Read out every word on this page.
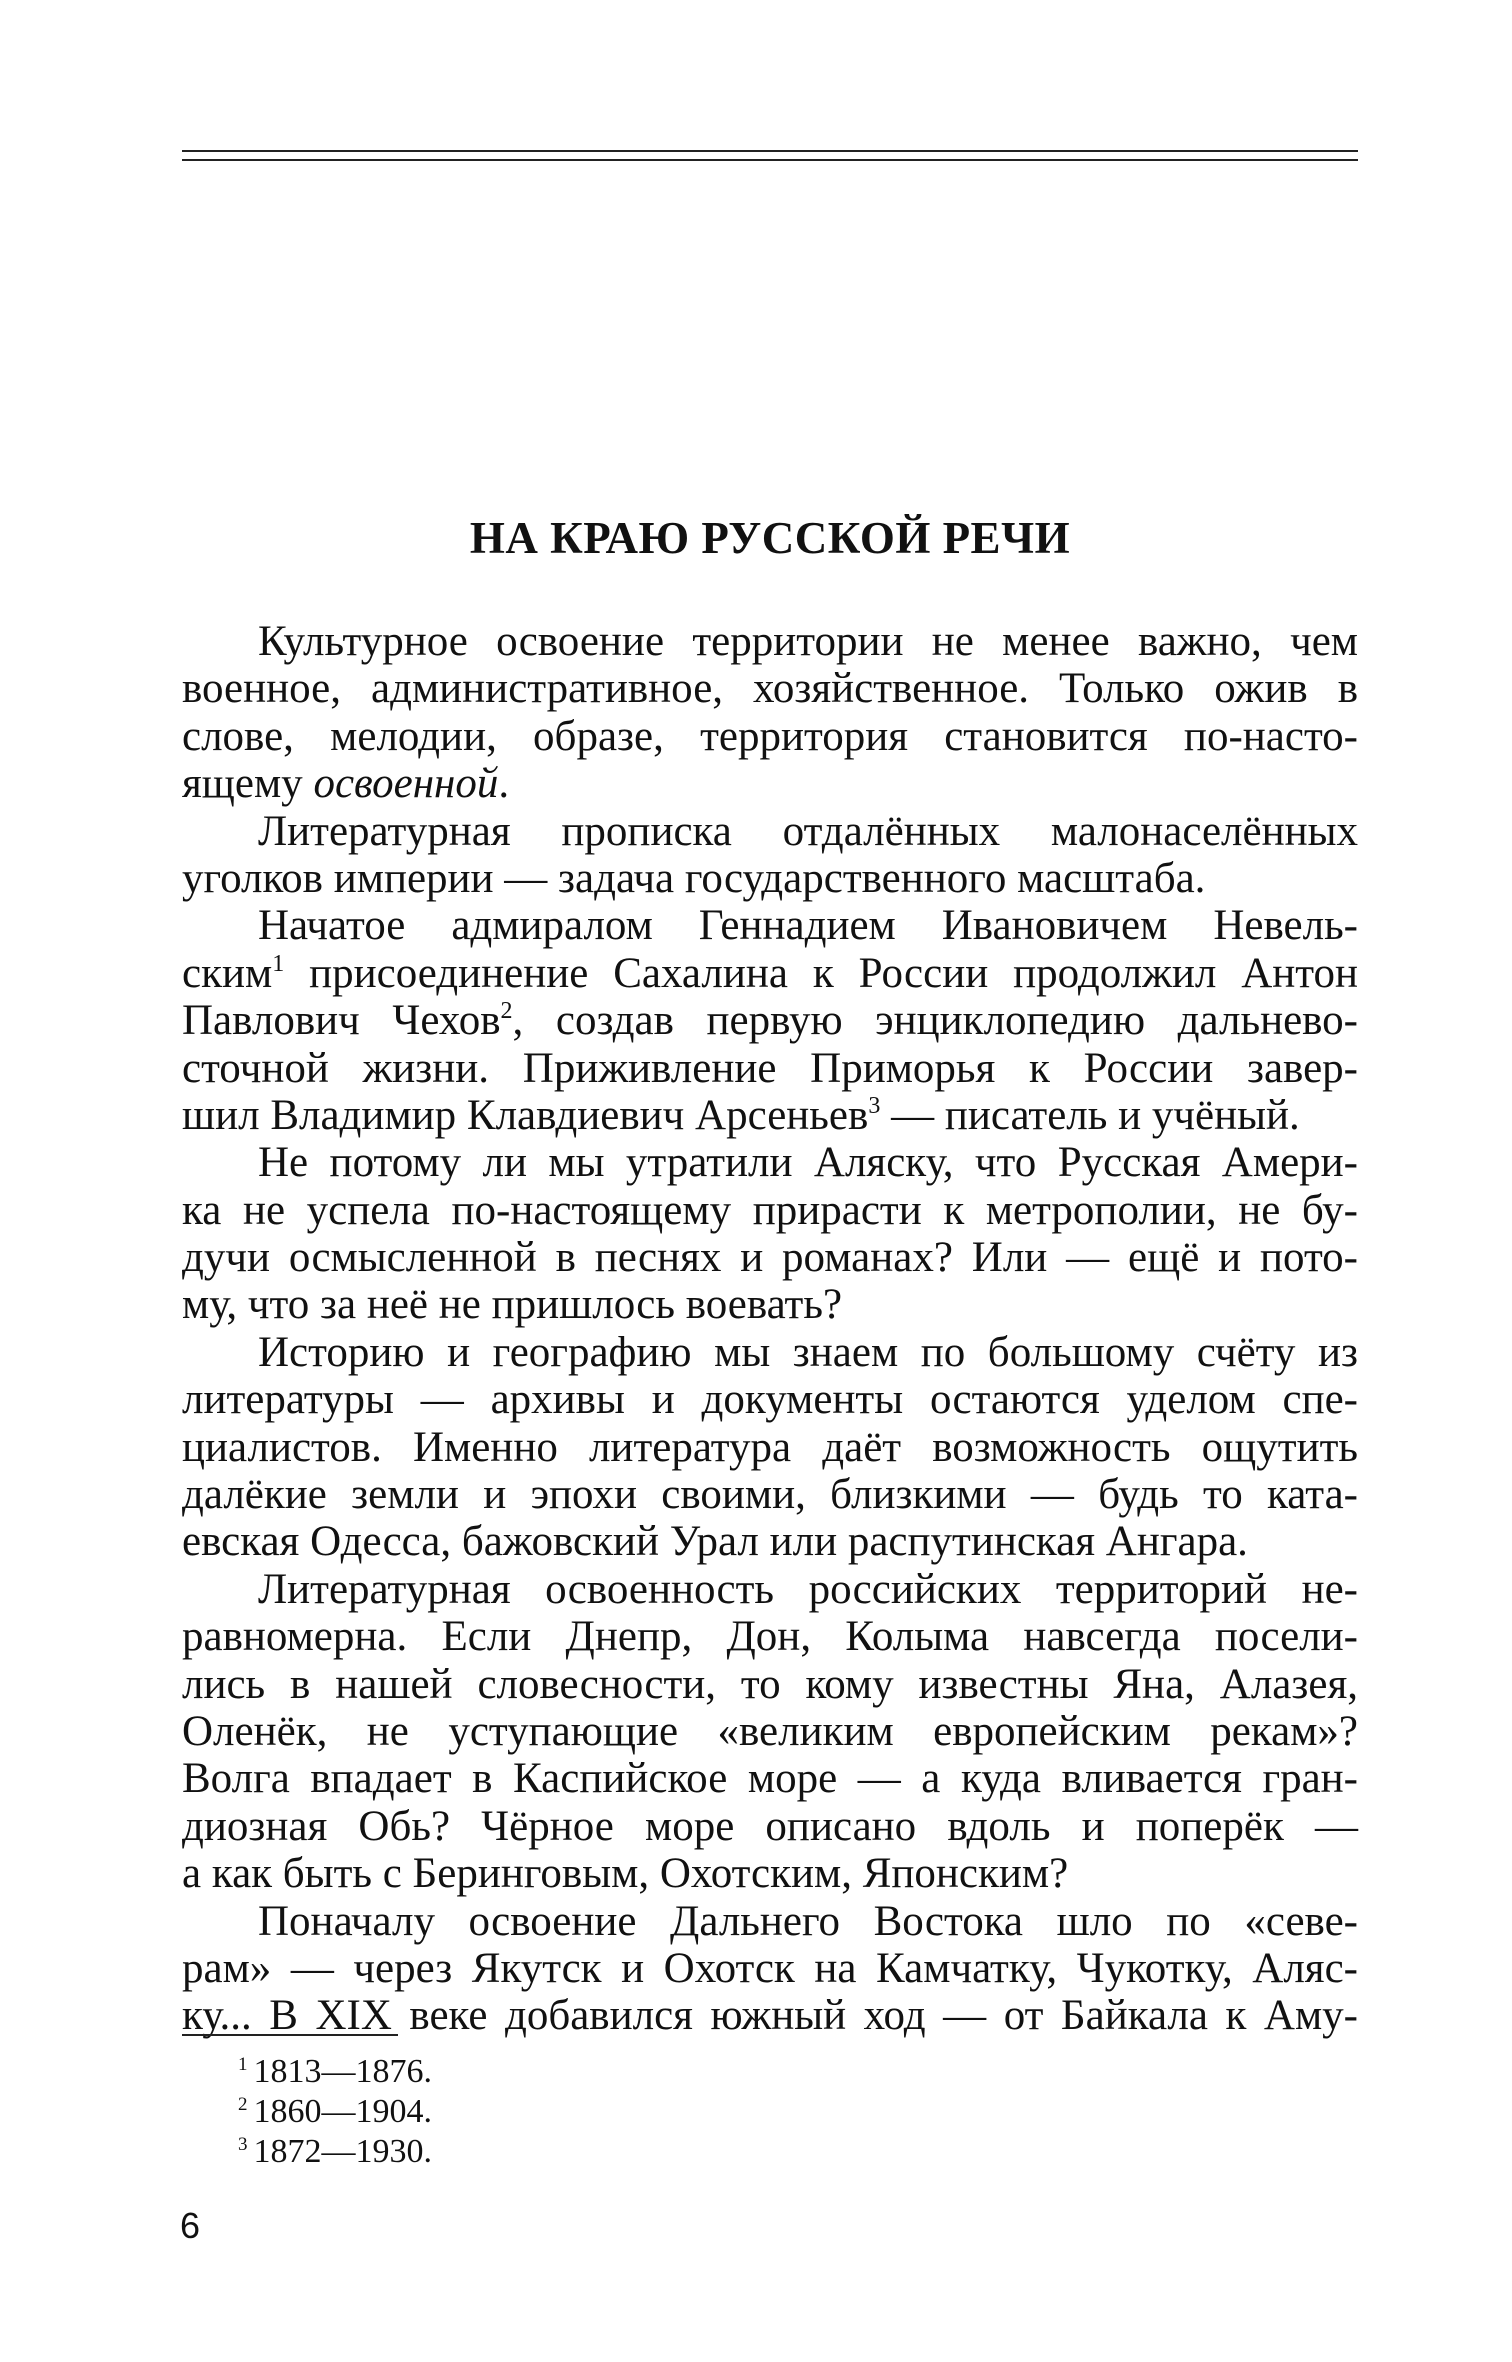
НА КРАЮ РУССКОЙ РЕЧИ
Культурное освоение территории не менее важно, чем
военное, административное, хозяйственное. Только ожив в
слове, мелодии, образе, территория становится по-насто-
ящему освоенной.
Литературная прописка отдалённых малонаселённых
уголков империи — задача государственного масштаба.
Начатое адмиралом Геннадием Ивановичем Невель-
ским$^1$ присоединение Сахалина к России продолжил Антон
Павлович Чехов$^2$, создав первую энциклопедию дальнево-
сточной жизни. Приживление Приморья к России завер-
шил Владимир Клавдиевич Арсеньев$^3$ — писатель и учёный.
Не потому ли мы утратили Аляску, что Русская Амери-
ка не успела по-настоящему прирасти к метрополии, не бу-
дучи осмысленной в песнях и романах? Или — ещё и пото-
му, что за неё не пришлось воевать?
Историю и географию мы знаем по большому счёту из
литературы — архивы и документы остаются уделом спе-
циалистов. Именно литература даёт возможность ощутить
далёкие земли и эпохи своими, близкими — будь то ката-
евская Одесса, бажовский Урал или распутинская Ангара.
Литературная освоенность российских территорий не-
равномерна. Если Днепр, Дон, Колыма навсегда посели-
лись в нашей словесности, то кому известны Яна, Алазея,
Оленёк, не уступающие «великим европейским рекам»?
Волга впадает в Каспийское море — а куда вливается гран-
диозная Обь? Чёрное море описано вдоль и поперёк —
а как быть с Беринговым, Охотским, Японским?
Поначалу освоение Дальнего Востока шло по «севе-
рам» — через Якутск и Охотск на Камчатку, Чукотку, Аляс-
ку... В XIX веке добавился южный ход — от Байкала к Аму-
$^1$ 1813—1876.
$^2$ 1860—1904.
$^3$ 1872—1930.
6
